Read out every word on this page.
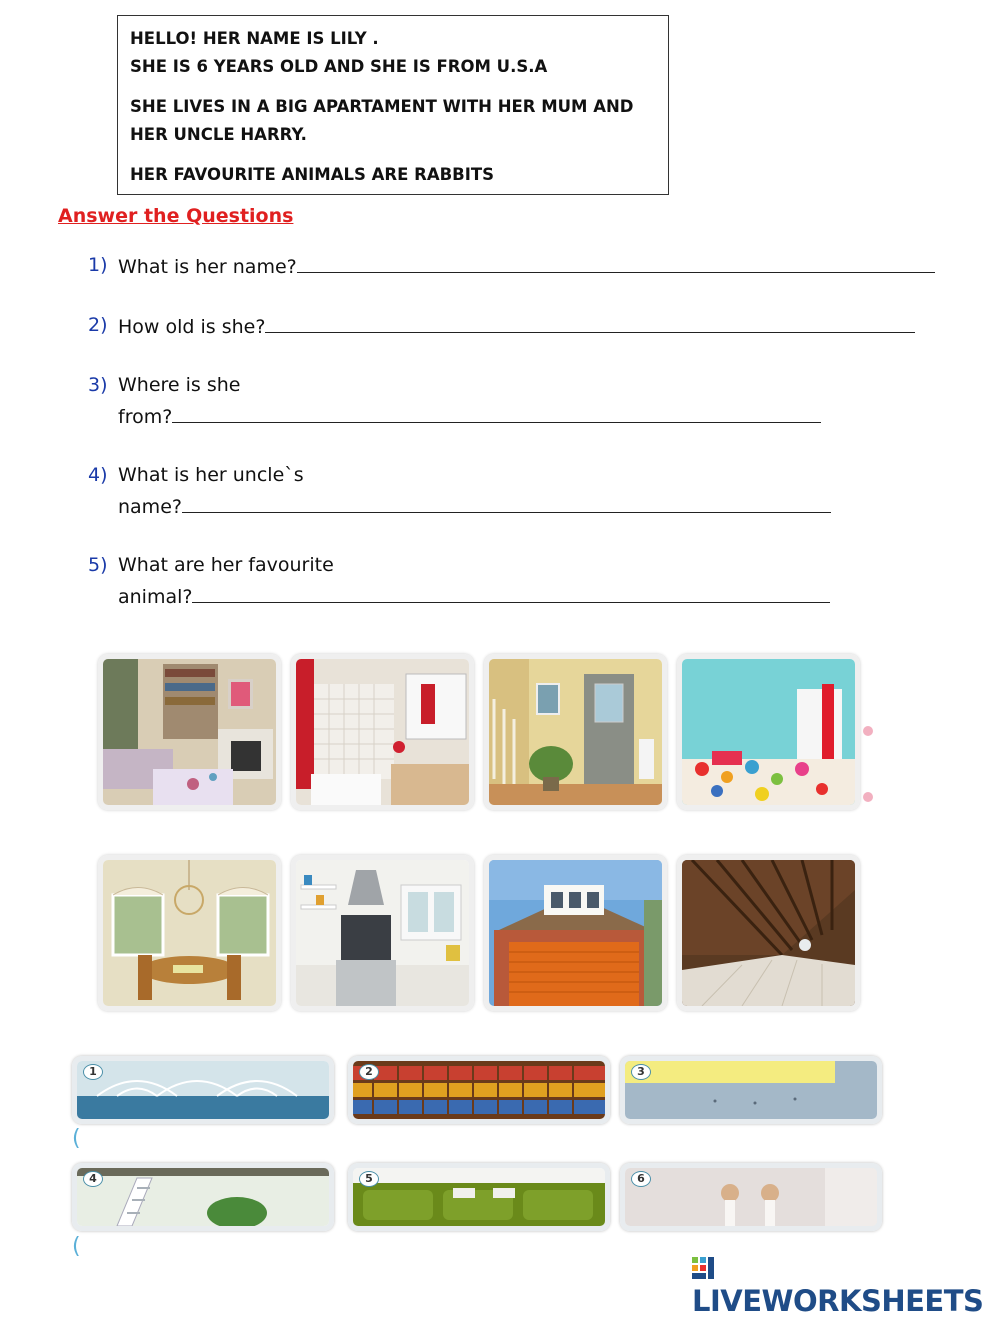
HELLO! HER NAME IS LILY .

SHE IS 6 YEARS OLD AND SHE IS FROM U.S.A

SHE LIVES IN A BIG APARTAMENT WITH HER MUM AND

HER UNCLE HARRY.

HER FAVOURITE ANIMALS ARE RABBITS

Answer the Questions
1) What is her name?
2) How old is she?
3) Where is she
from?
4) What is her uncle`s
name?
5) What are her favourite
animal?
1	2	3
(
4	5	6
(
LIVEWORKSHEETS
